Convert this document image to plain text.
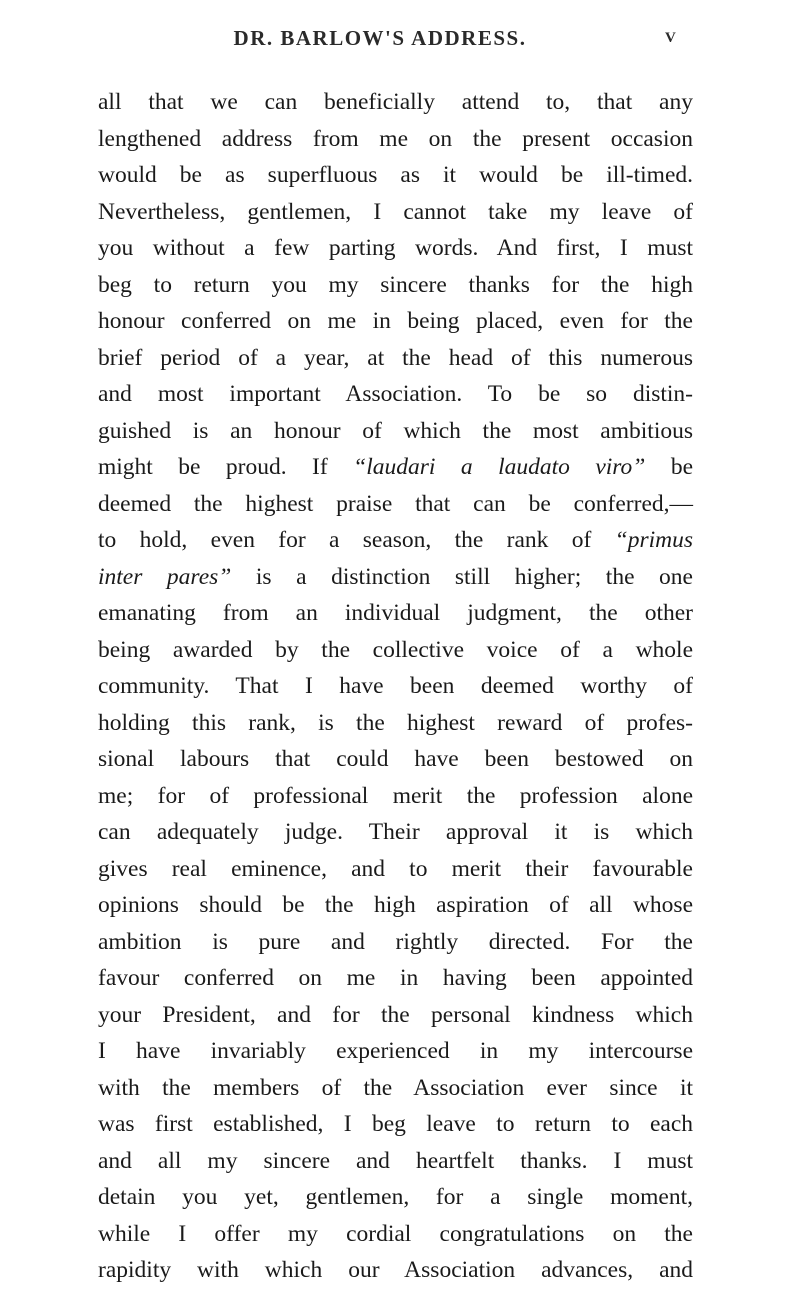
DR. BARLOW'S ADDRESS.	V
all that we can beneficially attend to, that any
lengthened address from me on the present occasion
would be as superfluous as it would be ill-timed.
Nevertheless, gentlemen, I cannot take my leave of
you without a few parting words. And first, I must
beg to return you my sincere thanks for the high
honour conferred on me in being placed, even for the
brief period of a year, at the head of this numerous
and most important Association. To be so distin-
guished is an honour of which the most ambitious
might be proud. If “laudari a laudato viro” be
deemed the highest praise that can be conferred,—
to hold, even for a season, the rank of “primus
inter pares” is a distinction still higher; the one
emanating from an individual judgment, the other
being awarded by the collective voice of a whole
community. That I have been deemed worthy of
holding this rank, is the highest reward of profes-
sional labours that could have been bestowed on
me; for of professional merit the profession alone
can adequately judge. Their approval it is which
gives real eminence, and to merit their favourable
opinions should be the high aspiration of all whose
ambition is pure and rightly directed. For the
favour conferred on me in having been appointed
your President, and for the personal kindness which
I have invariably experienced in my intercourse
with the members of the Association ever since it
was first established, I beg leave to return to each
and all my sincere and heartfelt thanks. I must
detain you yet, gentlemen, for a single moment,
while I offer my cordial congratulations on the
rapidity with which our Association advances, and
